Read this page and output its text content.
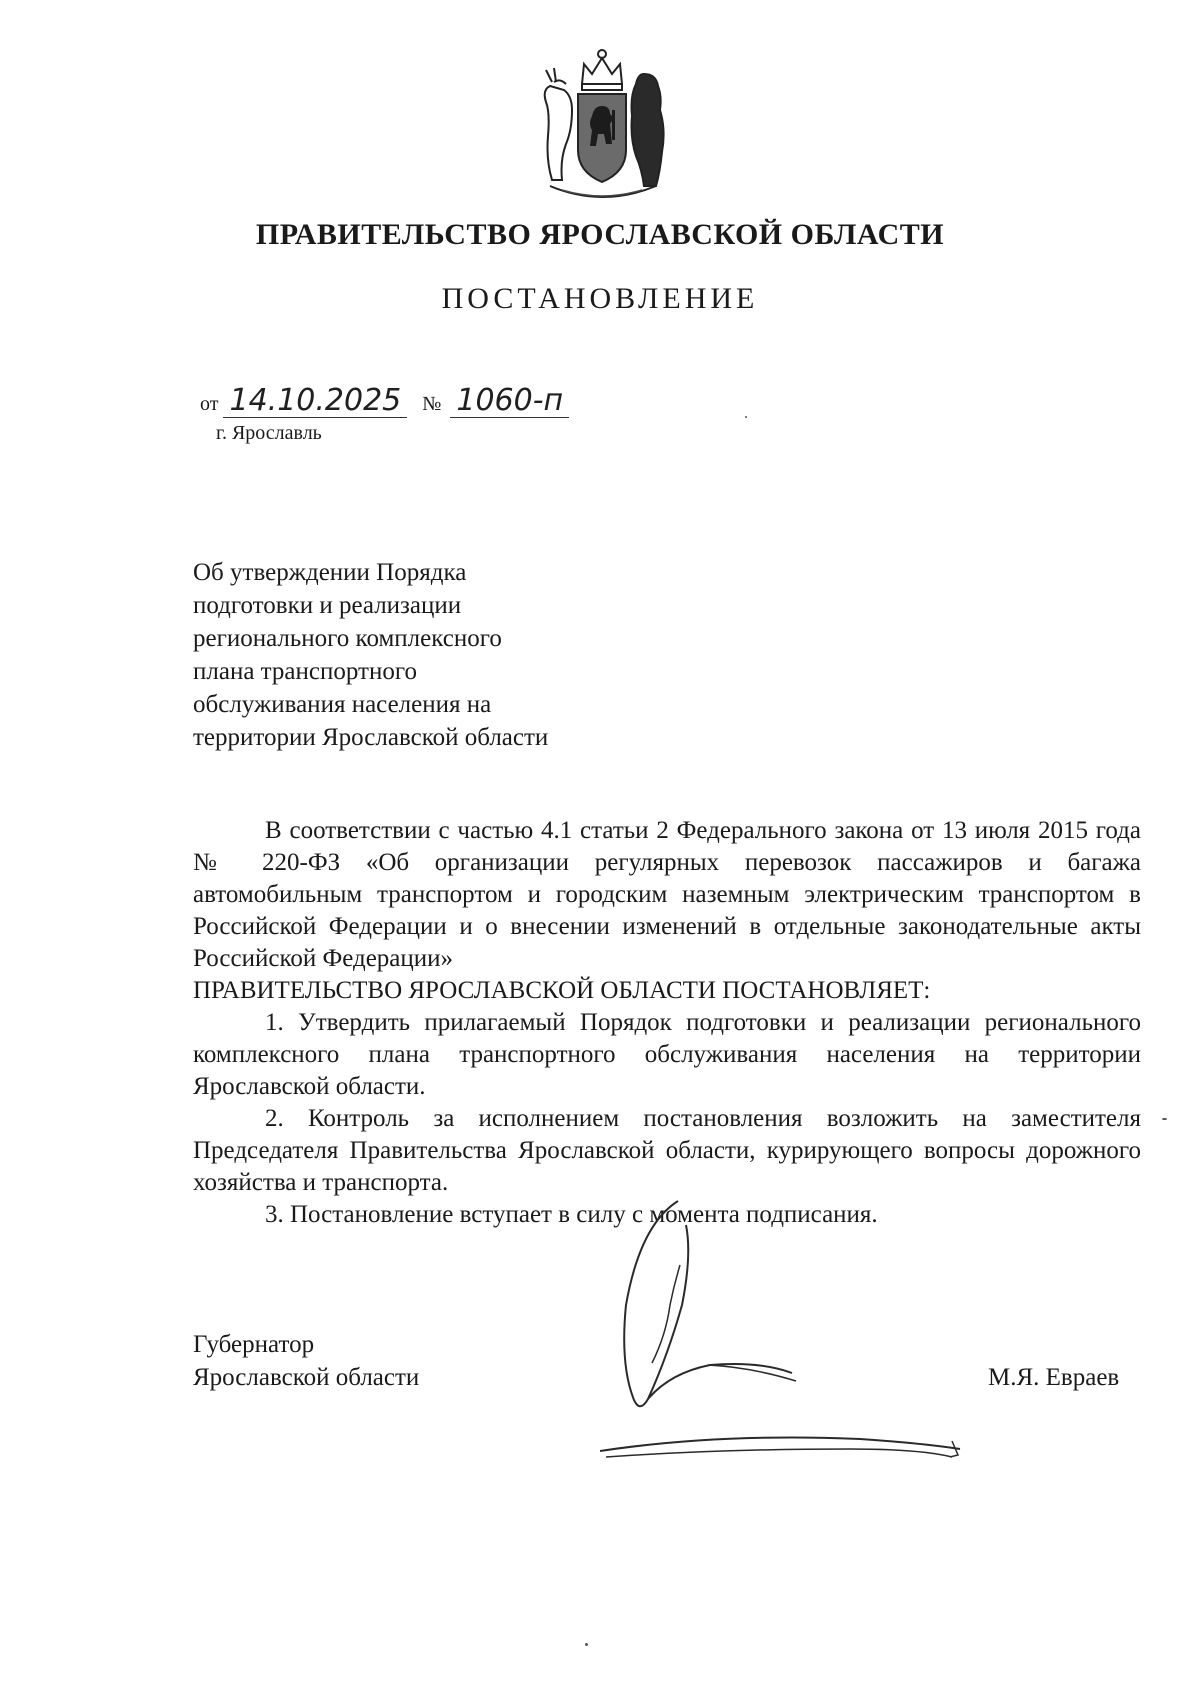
ПРАВИТЕЛЬСТВО ЯРОСЛАВСКОЙ ОБЛАСТИ
ПОСТАНОВЛЕНИЕ
от 14.10.2025 № 1060-п
г. Ярославль

Об утверждении Порядка

подготовки и реализации

регионального комплексного

плана транспортного

обслуживания населения на

территории Ярославской области

В соответствии с частью 4.1 статьи 2 Федерального закона от 13 июля 2015 года № 220-ФЗ «Об организации регулярных перевозок пассажиров и багажа автомобильным транспортом и городским наземным электрическим транспортом в Российской Федерации и о внесении изменений в отдельные законодательные акты Российской Федерации»

ПРАВИТЕЛЬСТВО ЯРОСЛАВСКОЙ ОБЛАСТИ ПОСТАНОВЛЯЕТ:

1. Утвердить прилагаемый Порядок подготовки и реализации регионального комплексного плана транспортного обслуживания населения на территории Ярославской области.

2. Контроль за исполнением постановления возложить на заместителя Председателя Правительства Ярославской области, курирующего вопросы дорожного хозяйства и транспорта.

3. Постановление вступает в силу с момента подписания.

Губернатор

Ярославской области	М.Я. Евраев
